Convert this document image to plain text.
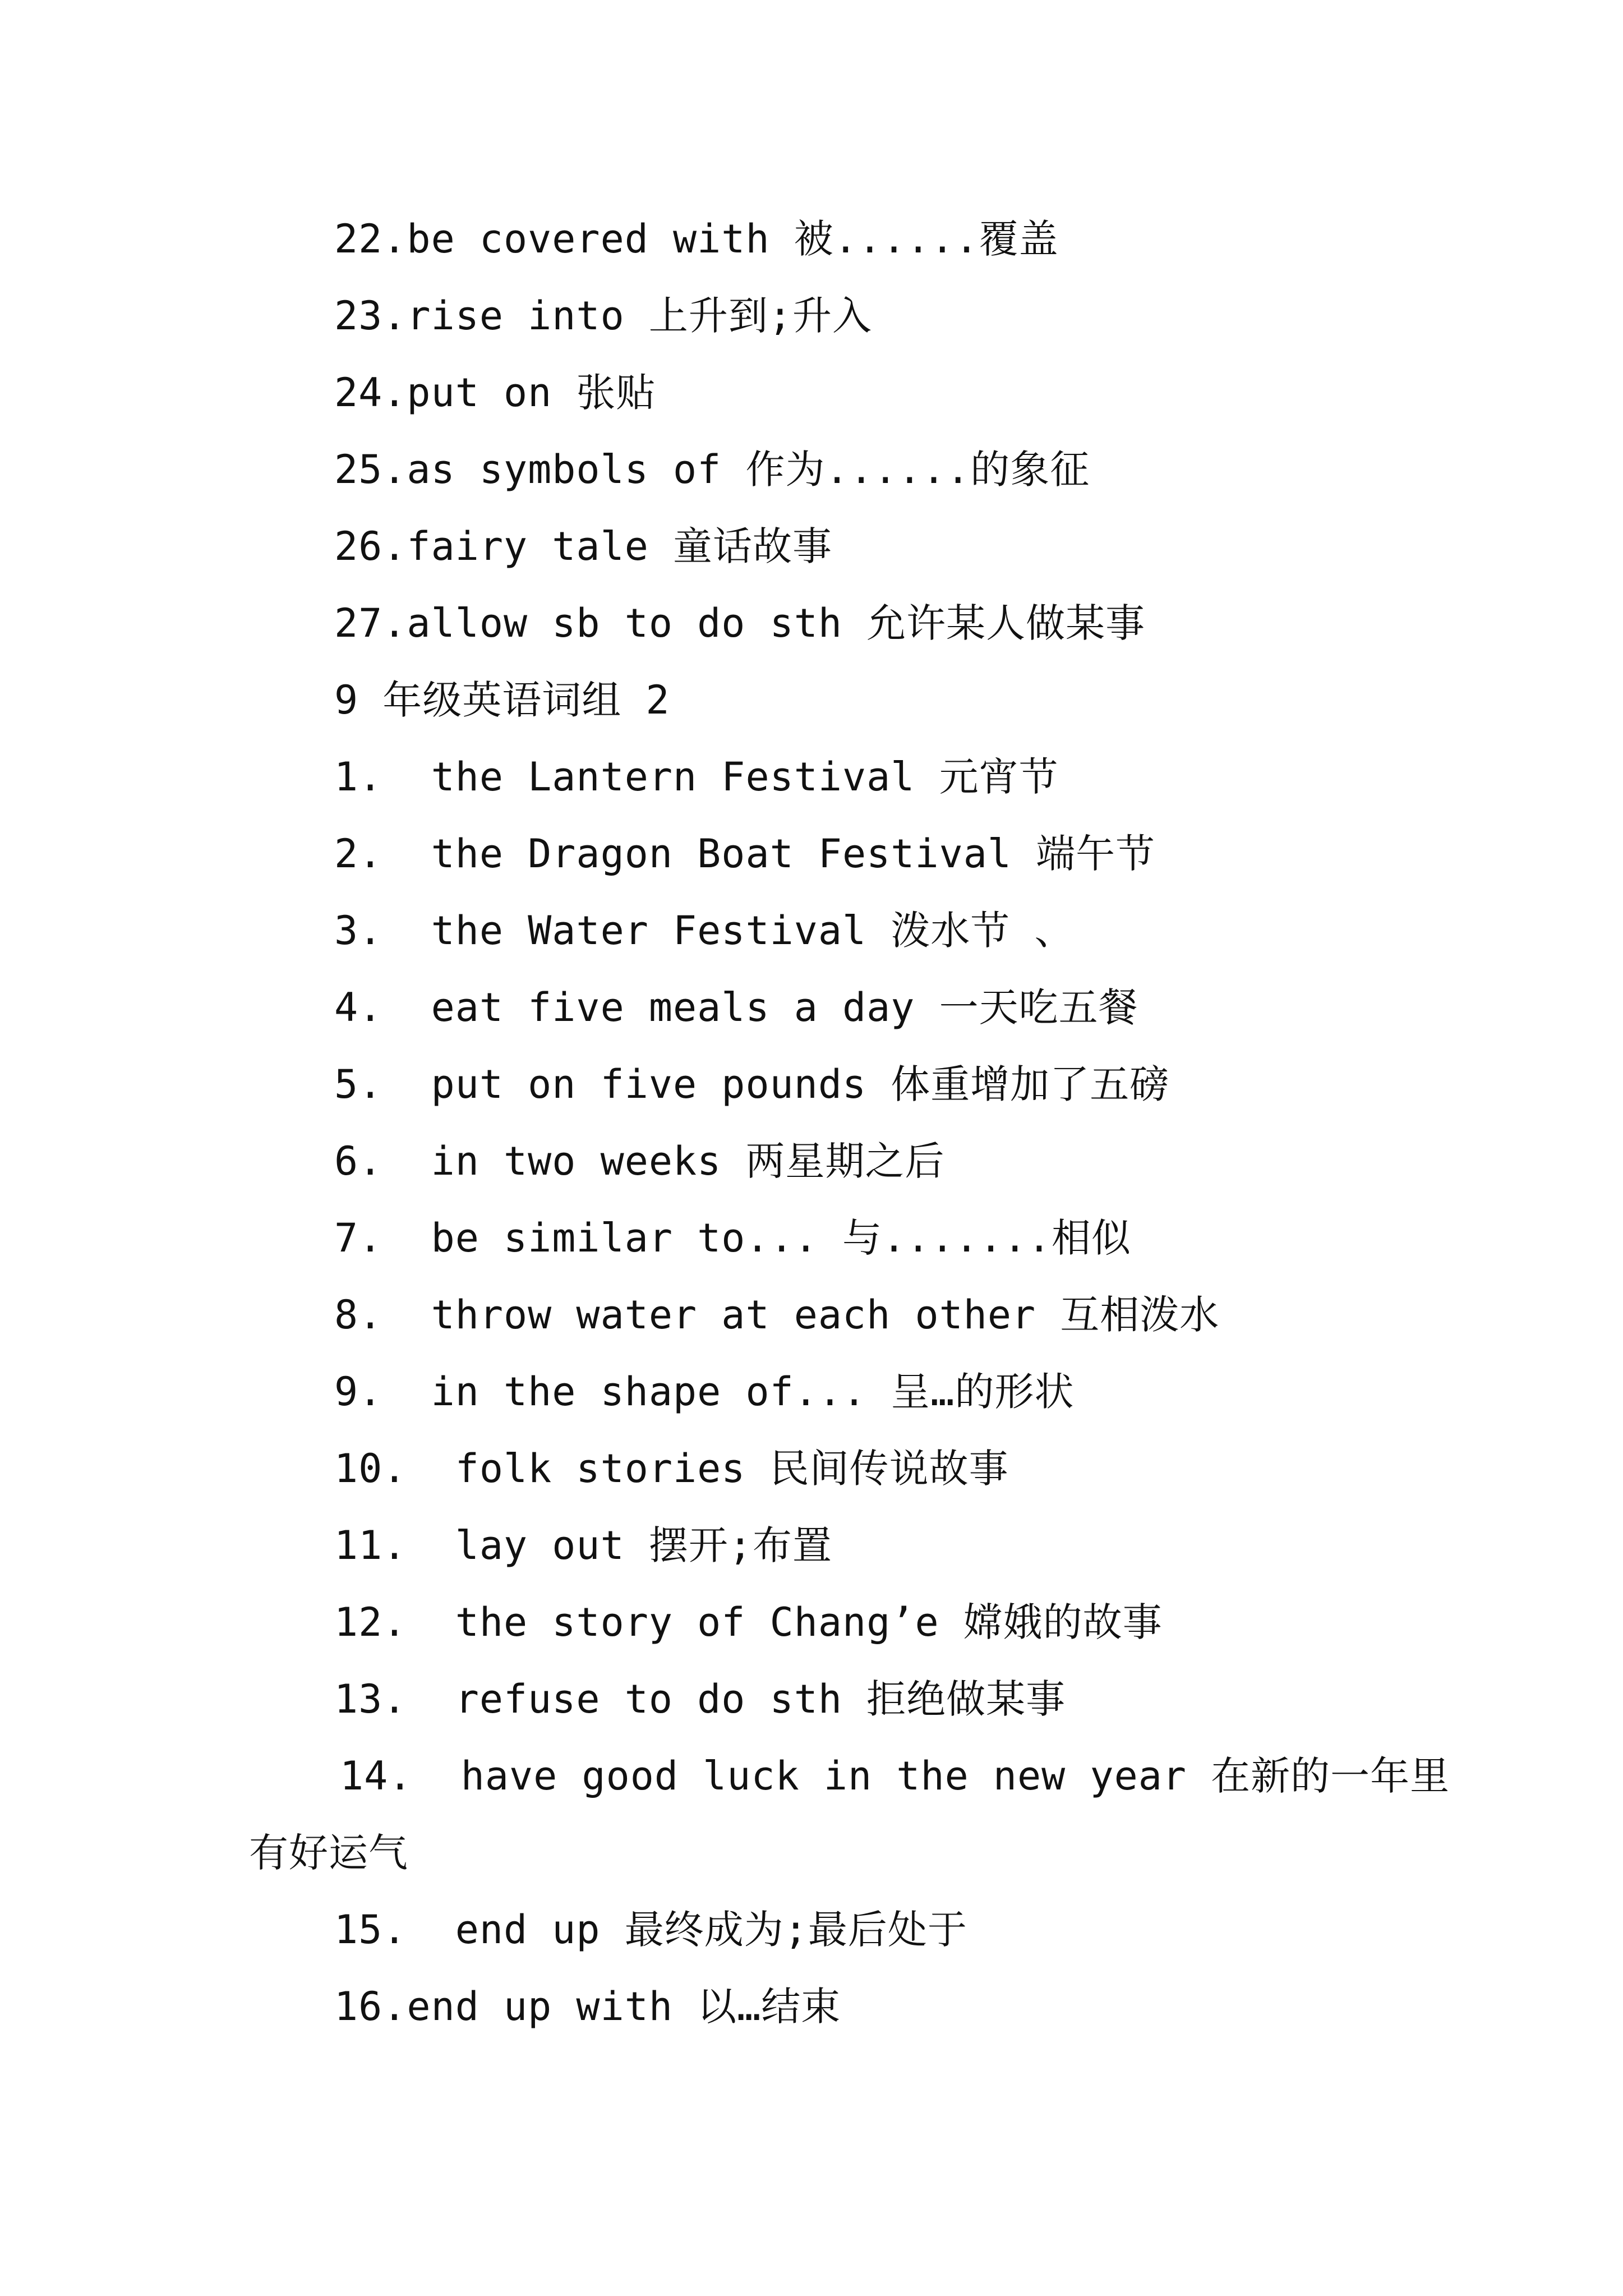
22.be covered with 被......覆盖
23.rise into 上升到;升入
24.put on 张贴
25.as symbols of 作为......的象征
26.fairy tale 童话故事
27.allow sb to do sth 允许某人做某事
9 年级英语词组 2
1.  the Lantern Festival 元宵节
2.  the Dragon Boat Festival 端午节
3.  the Water Festival 泼水节 、
4.  eat five meals a day 一天吃五餐
5.  put on five pounds 体重增加了五磅
6.  in two weeks 两星期之后
7.  be similar to... 与.......相似
8.  throw water at each other 互相泼水
9.  in the shape of... 呈…的形状
10.  folk stories 民间传说故事
11.  lay out 摆开;布置
12.  the story of Chang’e 嫦娥的故事
13.  refuse to do sth 拒绝做某事
14.  have good luck in the new year 在新的一年里
有好运气
15.  end up 最终成为;最后处于
16.end up with 以…结束
